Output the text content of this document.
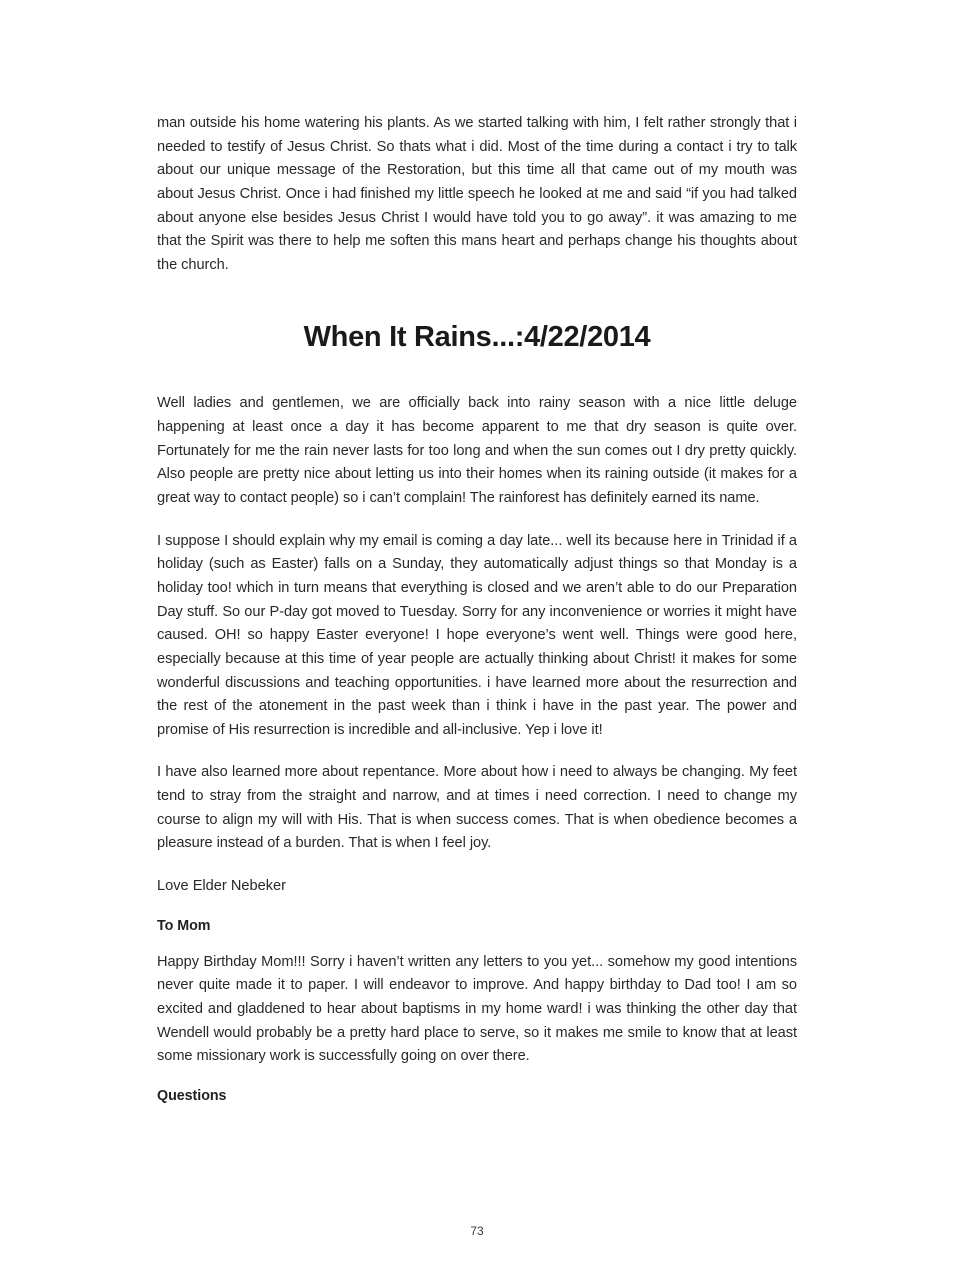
man outside his home watering his plants. As we started talking with him, I felt rather strongly that i needed to testify of Jesus Christ. So thats what i did. Most of the time during a contact i try to talk about our unique message of the Restoration, but this time all that came out of my mouth was about Jesus Christ. Once i had finished my little speech he looked at me and said “if you had talked about anyone else besides Jesus Christ I would have told you to go away”. it was amazing to me that the Spirit was there to help me soften this mans heart and perhaps change his thoughts about the church.

When It Rains...:4/22/2014

Well ladies and gentlemen, we are officially back into rainy season with a nice little deluge happening at least once a day it has become apparent to me that dry season is quite over. Fortunately for me the rain never lasts for too long and when the sun comes out I dry pretty quickly. Also people are pretty nice about letting us into their homes when its raining outside (it makes for a great way to contact people) so i can’t complain! The rainforest has definitely earned its name.

I suppose I should explain why my email is coming a day late... well its because here in Trinidad if a holiday (such as Easter) falls on a Sunday, they automatically adjust things so that Monday is a holiday too! which in turn means that everything is closed and we aren’t able to do our Preparation Day stuff. So our P-day got moved to Tuesday. Sorry for any inconvenience or worries it might have caused. OH! so happy Easter everyone! I hope everyone’s went well. Things were good here, especially because at this time of year people are actually thinking about Christ! it makes for some wonderful discussions and teaching opportunities. i have learned more about the resurrection and the rest of the atonement in the past week than i think i have in the past year. The power and promise of His resurrection is incredible and all-inclusive. Yep i love it!

I have also learned more about repentance. More about how i need to always be changing. My feet tend to stray from the straight and narrow, and at times i need correction. I need to change my course to align my will with His. That is when success comes. That is when obedience becomes a pleasure instead of a burden. That is when I feel joy.

Love Elder Nebeker

To Mom

Happy Birthday Mom!!! Sorry i haven’t written any letters to you yet... somehow my good intentions never quite made it to paper. I will endeavor to improve. And happy birthday to Dad too! I am so excited and gladdened to hear about baptisms in my home ward! i was thinking the other day that Wendell would probably be a pretty hard place to serve, so it makes me smile to know that at least some missionary work is successfully going on over there.

Questions
73
